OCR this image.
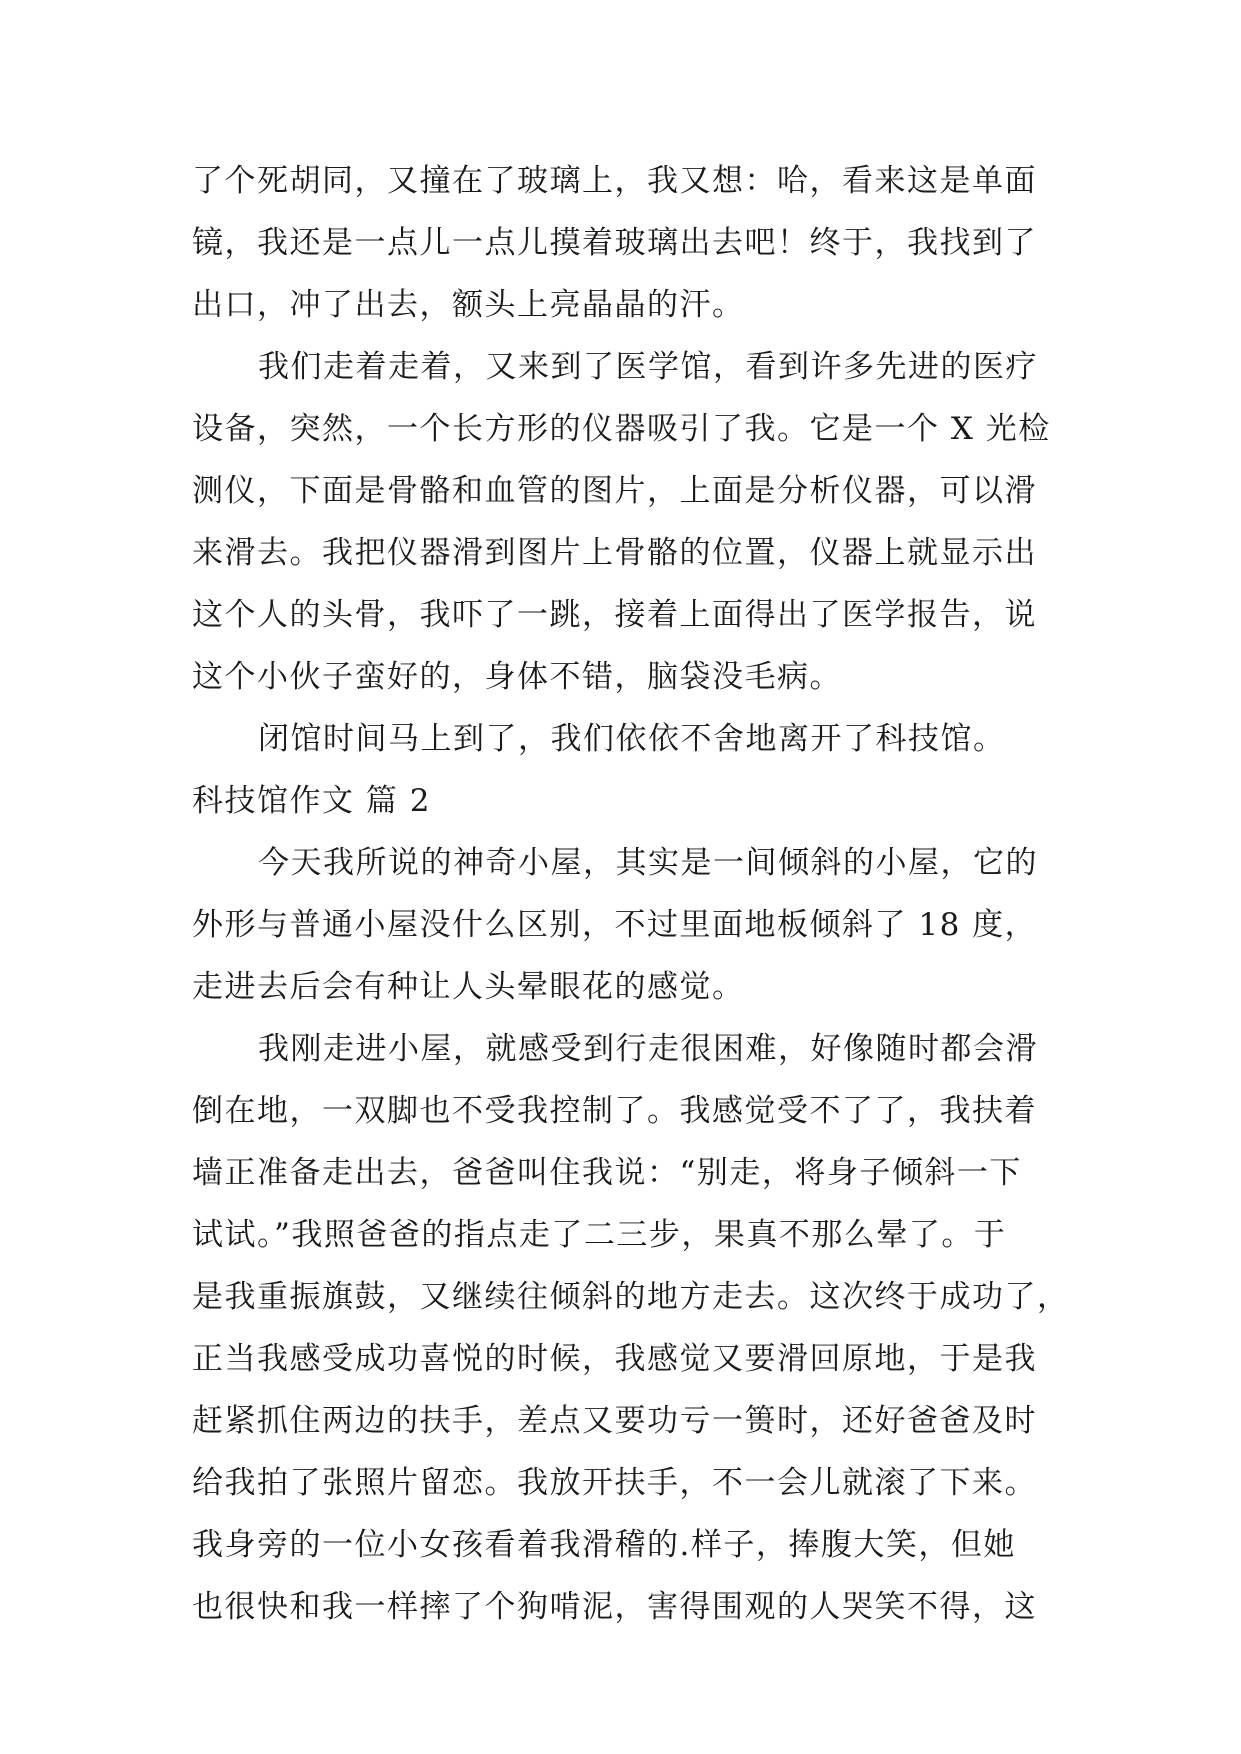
了个死胡同，又撞在了玻璃上，我又想：哈，看来这是单面
镜，我还是一点儿一点儿摸着玻璃出去吧！终于，我找到了
出口，冲了出去，额头上亮晶晶的汗。
我们走着走着，又来到了医学馆，看到许多先进的医疗
设备，突然，一个长方形的仪器吸引了我。它是一个 X 光检
测仪，下面是骨骼和血管的图片，上面是分析仪器，可以滑
来滑去。我把仪器滑到图片上骨骼的位置，仪器上就显示出
这个人的头骨，我吓了一跳，接着上面得出了医学报告，说
这个小伙子蛮好的，身体不错，脑袋没毛病。
闭馆时间马上到了，我们依依不舍地离开了科技馆。
科技馆作文 篇 2
今天我所说的神奇小屋，其实是一间倾斜的小屋，它的
外形与普通小屋没什么区别，不过里面地板倾斜了 18 度，
走进去后会有种让人头晕眼花的感觉。
我刚走进小屋，就感受到行走很困难，好像随时都会滑
倒在地，一双脚也不受我控制了。我感觉受不了了，我扶着
墙正准备走出去，爸爸叫住我说：“别走，将身子倾斜一下
试试。”我照爸爸的指点走了二三步，果真不那么晕了。于
是我重振旗鼓，又继续往倾斜的地方走去。这次终于成功了，
正当我感受成功喜悦的时候，我感觉又要滑回原地，于是我
赶紧抓住两边的扶手，差点又要功亏一篑时，还好爸爸及时
给我拍了张照片留恋。我放开扶手，不一会儿就滚了下来。
我身旁的一位小女孩看着我滑稽的.样子，捧腹大笑，但她
也很快和我一样摔了个狗啃泥，害得围观的人哭笑不得，这
